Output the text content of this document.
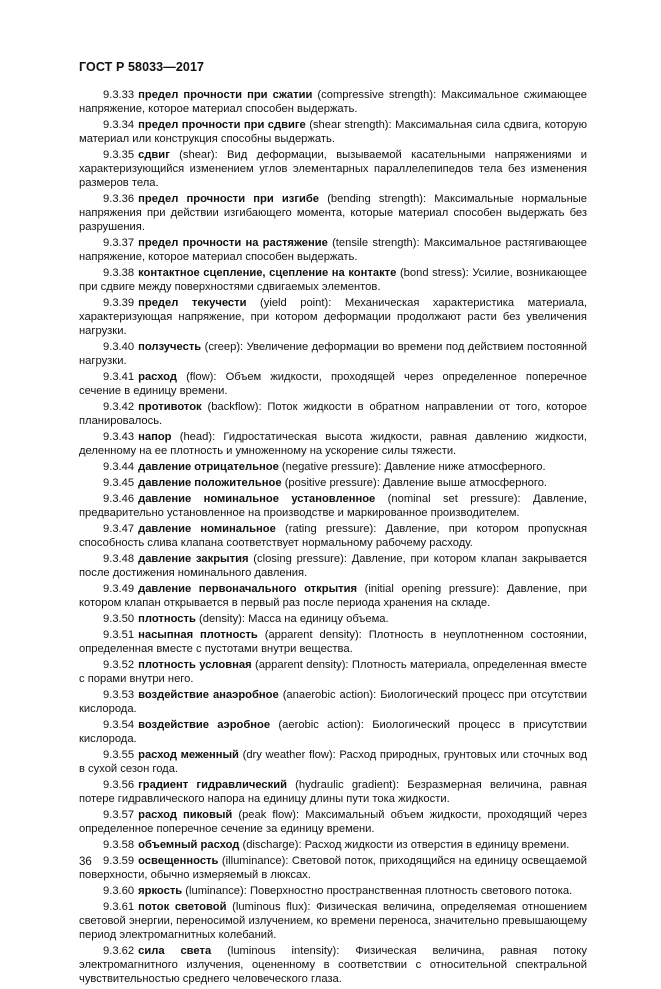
ГОСТ Р 58033—2017

9.3.33 предел прочности при сжатии (compressive strength): Максимальное сжимающее напряжение, которое материал способен выдержать.

9.3.34 предел прочности при сдвиге (shear strength): Максимальная сила сдвига, которую материал или конструкция способны выдержать.

9.3.35 сдвиг (shear): Вид деформации, вызываемой касательными напряжениями и характеризующийся изменением углов элементарных параллелепипедов тела без изменения размеров тела.

9.3.36 предел прочности при изгибе (bending strength): Максимальные нормальные напряжения при действии изгибающего момента, которые материал способен выдержать без разрушения.

9.3.37 предел прочности на растяжение (tensile strength): Максимальное растягивающее напряжение, которое материал способен выдержать.

9.3.38 контактное сцепление, сцепление на контакте (bond stress): Усилие, возникающее при сдвиге между поверхностями сдвигаемых элементов.

9.3.39 предел текучести (yield point): Механическая характеристика материала, характеризующая напряжение, при котором деформации продолжают расти без увеличения нагрузки.

9.3.40 ползучесть (creep): Увеличение деформации во времени под действием постоянной нагрузки.

9.3.41 расход (flow): Объем жидкости, проходящей через определенное поперечное сечение в единицу времени.

9.3.42 противоток (backflow): Поток жидкости в обратном направлении от того, которое планировалось.

9.3.43 напор (head): Гидростатическая высота жидкости, равная давлению жидкости, деленному на ее плотность и умноженному на ускорение силы тяжести.

9.3.44 давление отрицательное (negative pressure): Давление ниже атмосферного.

9.3.45 давление положительное (positive pressure): Давление выше атмосферного.

9.3.46 давление номинальное установленное (nominal set pressure): Давление, предварительно установленное на производстве и маркированное производителем.

9.3.47 давление номинальное (rating pressure): Давление, при котором пропускная способность слива клапана соответствует нормальному рабочему расходу.

9.3.48 давление закрытия (closing pressure): Давление, при котором клапан закрывается после достижения номинального давления.

9.3.49 давление первоначального открытия (initial opening pressure): Давление, при котором клапан открывается в первый раз после периода хранения на складе.

9.3.50 плотность (density): Масса на единицу объема.

9.3.51 насыпная плотность (apparent density): Плотность в неуплотненном состоянии, определенная вместе с пустотами внутри вещества.

9.3.52 плотность условная (apparent density): Плотность материала, определенная вместе с порами внутри него.

9.3.53 воздействие анаэробное (anaerobic action): Биологический процесс при отсутствии кислорода.

9.3.54 воздействие аэробное (aerobic action): Биологический процесс в присутствии кислорода.

9.3.55 расход меженный (dry weather flow): Расход природных, грунтовых или сточных вод в сухой сезон года.

9.3.56 градиент гидравлический (hydraulic gradient): Безразмерная величина, равная потере гидравлического напора на единицу длины пути тока жидкости.

9.3.57 расход пиковый (peak flow): Максимальный объем жидкости, проходящий через определенное поперечное сечение за единицу времени.

9.3.58 объемный расход (discharge): Расход жидкости из отверстия в единицу времени.

9.3.59 освещенность (illuminance): Световой поток, приходящийся на единицу освещаемой поверхности, обычно измеряемый в люксах.

9.3.60 яркость (luminance): Поверхностно пространственная плотность светового потока.

9.3.61 поток световой (luminous flux): Физическая величина, определяемая отношением световой энергии, переносимой излучением, ко времени переноса, значительно превышающему период электромагнитных колебаний.

9.3.62 сила света (luminous intensity): Физическая величина, равная потоку электромагнитного излучения, оцененному в соответствии с относительной спектральной чувствительностью среднего человеческого глаза.

36
